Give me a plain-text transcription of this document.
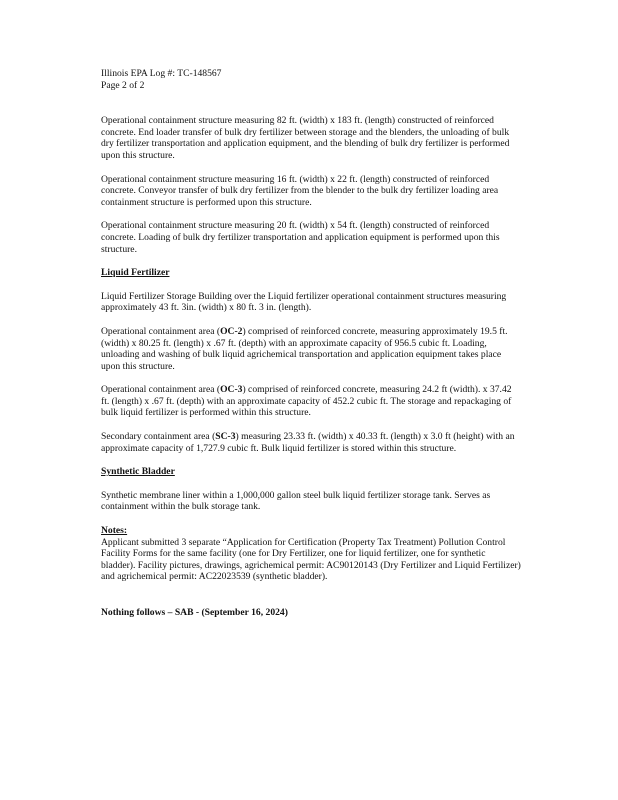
Illinois EPA Log #: TC-148567
Page 2 of 2

Operational containment structure measuring 82 ft. (width) x 183 ft. (length) constructed of reinforced concrete. End loader transfer of bulk dry fertilizer between storage and the blenders, the unloading of bulk dry fertilizer transportation and application equipment, and the blending of bulk dry fertilizer is performed upon this structure.

Operational containment structure measuring 16 ft. (width) x 22 ft. (length) constructed of reinforced concrete. Conveyor transfer of bulk dry fertilizer from the blender to the bulk dry fertilizer loading area containment structure is performed upon this structure.

Operational containment structure measuring 20 ft. (width) x 54 ft. (length) constructed of reinforced concrete. Loading of bulk dry fertilizer transportation and application equipment is performed upon this structure.

Liquid Fertilizer

Liquid Fertilizer Storage Building over the Liquid fertilizer operational containment structures measuring approximately 43 ft. 3in. (width) x 80 ft. 3 in. (length).

Operational containment area (OC-2) comprised of reinforced concrete, measuring approximately 19.5 ft. (width) x 80.25 ft. (length) x .67 ft. (depth) with an approximate capacity of 956.5 cubic ft. Loading, unloading and washing of bulk liquid agrichemical transportation and application equipment takes place upon this structure.

Operational containment area (OC-3) comprised of reinforced concrete, measuring 24.2 ft (width). x 37.42 ft. (length) x .67 ft. (depth) with an approximate capacity of 452.2 cubic ft. The storage and repackaging of bulk liquid fertilizer is performed within this structure.

Secondary containment area (SC-3) measuring 23.33 ft. (width) x 40.33 ft. (length) x 3.0 ft (height) with an approximate capacity of 1,727.9 cubic ft. Bulk liquid fertilizer is stored within this structure.

Synthetic Bladder

Synthetic membrane liner within a 1,000,000 gallon steel bulk liquid fertilizer storage tank. Serves as containment within the bulk storage tank.

Notes:

Applicant submitted 3 separate “Application for Certification (Property Tax Treatment) Pollution Control Facility Forms for the same facility (one for Dry Fertilizer, one for liquid fertilizer, one for synthetic bladder). Facility pictures, drawings, agrichemical permit: AC90120143 (Dry Fertilizer and Liquid Fertilizer) and agrichemical permit: AC22023539 (synthetic bladder).

Nothing follows – SAB - (September 16, 2024)
